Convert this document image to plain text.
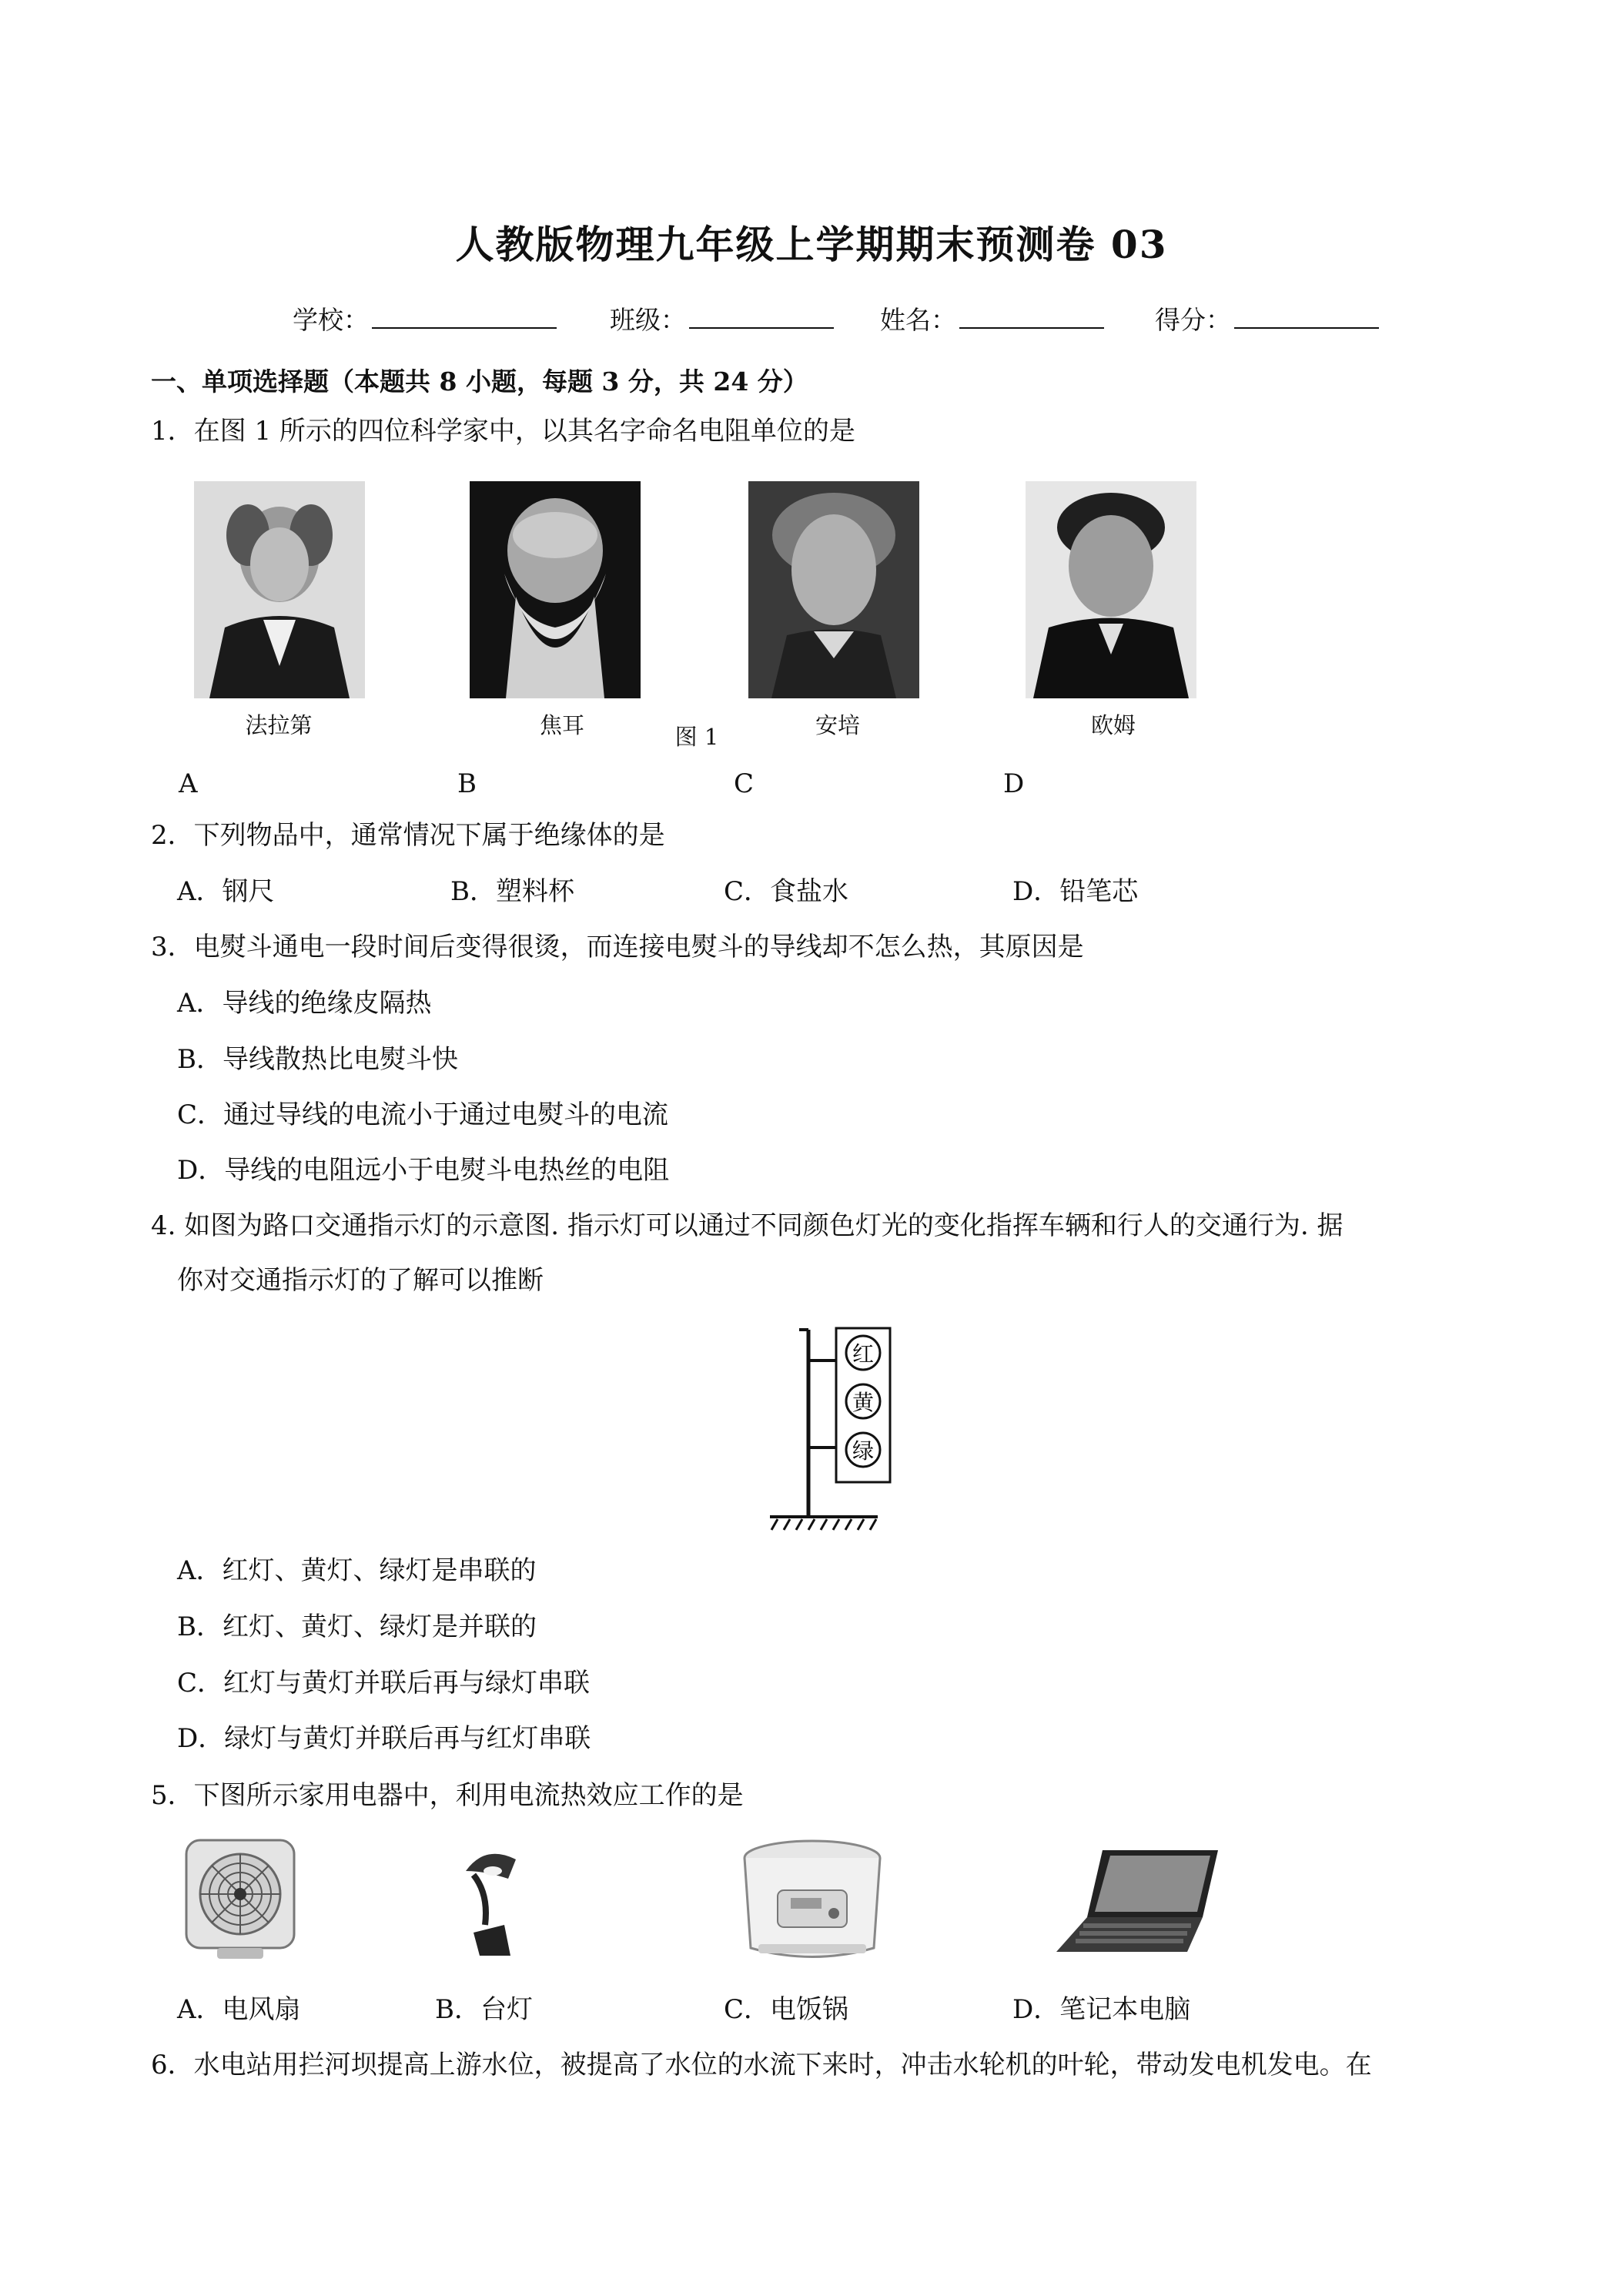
人教版物理九年级上学期期末预测卷 03
学校：	班级：	姓名：	得分：
一、单项选择题（本题共 8 小题，每题 3 分，共 24 分）
1．在图 1 所示的四位科学家中，以其名字命名电阻单位的是
法拉第	焦耳	图 1	安培	欧姆
A	B	C	D
2．下列物品中，通常情况下属于绝缘体的是
A．钢尺	B．塑料杯	C．食盐水	D．铅笔芯
3．电熨斗通电一段时间后变得很烫，而连接电熨斗的导线却不怎么热，其原因是
A．导线的绝缘皮隔热
B．导线散热比电熨斗快
C．通过导线的电流小于通过电熨斗的电流
D．导线的电阻远小于电熨斗电热丝的电阻
4. 如图为路口交通指示灯的示意图. 指示灯可以通过不同颜色灯光的变化指挥车辆和行人的交通行为. 据
你对交通指示灯的了解可以推断
红
黄
绿
A．红灯、黄灯、绿灯是串联的
B．红灯、黄灯、绿灯是并联的
C．红灯与黄灯并联后再与绿灯串联
D．绿灯与黄灯并联后再与红灯串联
5．下图所示家用电器中，利用电流热效应工作的是
A．电风扇	B．台灯	C．电饭锅	D．笔记本电脑
6．水电站用拦河坝提高上游水位，被提高了水位的水流下来时，冲击水轮机的叶轮，带动发电机发电。在
